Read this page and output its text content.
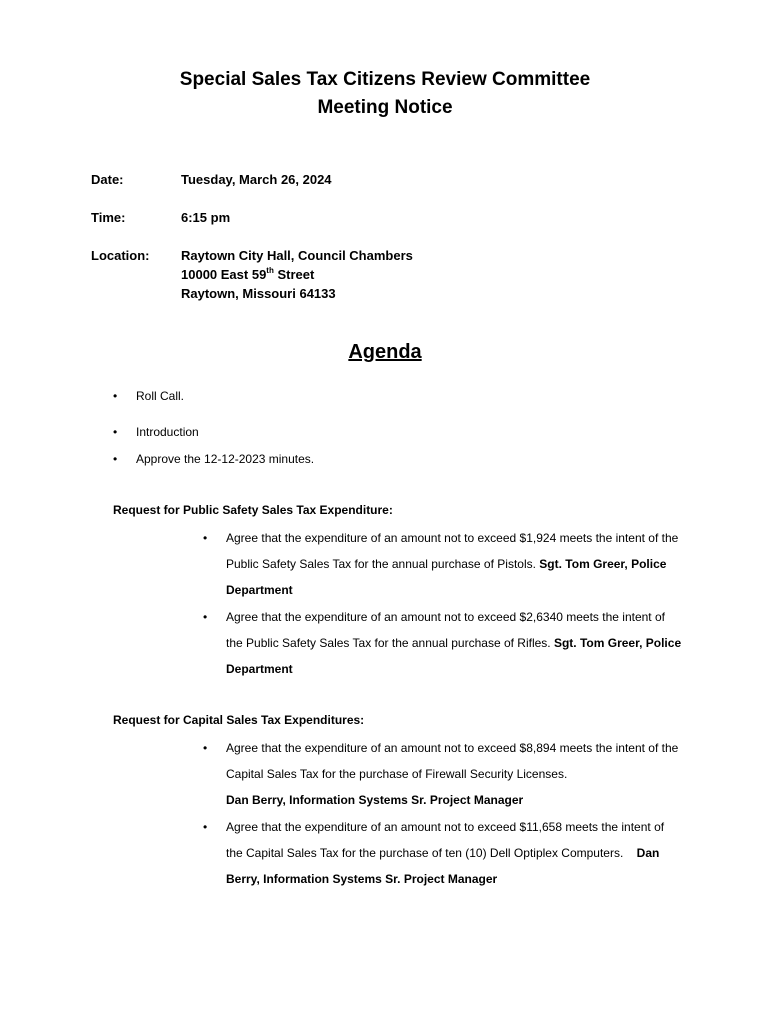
Special Sales Tax Citizens Review Committee
Meeting Notice
Date:	Tuesday, March 26, 2024
Time:	6:15 pm
Location: Raytown City Hall, Council Chambers
10000 East 59th Street
Raytown, Missouri 64133
Agenda
• Roll Call.
• Introduction
• Approve the 12-12-2023 minutes.
Request for Public Safety Sales Tax Expenditure:
• Agree that the expenditure of an amount not to exceed $1,924 meets the intent of the Public Safety Sales Tax for the annual purchase of Pistols. Sgt. Tom Greer, Police Department
• Agree that the expenditure of an amount not to exceed $2,6340 meets the intent of the Public Safety Sales Tax for the annual purchase of Rifles. Sgt. Tom Greer, Police Department
Request for Capital Sales Tax Expenditures:
• Agree that the expenditure of an amount not to exceed $8,894 meets the intent of the Capital Sales Tax for the purchase of Firewall Security Licenses.
Dan Berry, Information Systems Sr. Project Manager
• Agree that the expenditure of an amount not to exceed $11,658 meets the intent of the Capital Sales Tax for the purchase of ten (10) Dell Optiplex Computers. Dan Berry, Information Systems Sr. Project Manager
